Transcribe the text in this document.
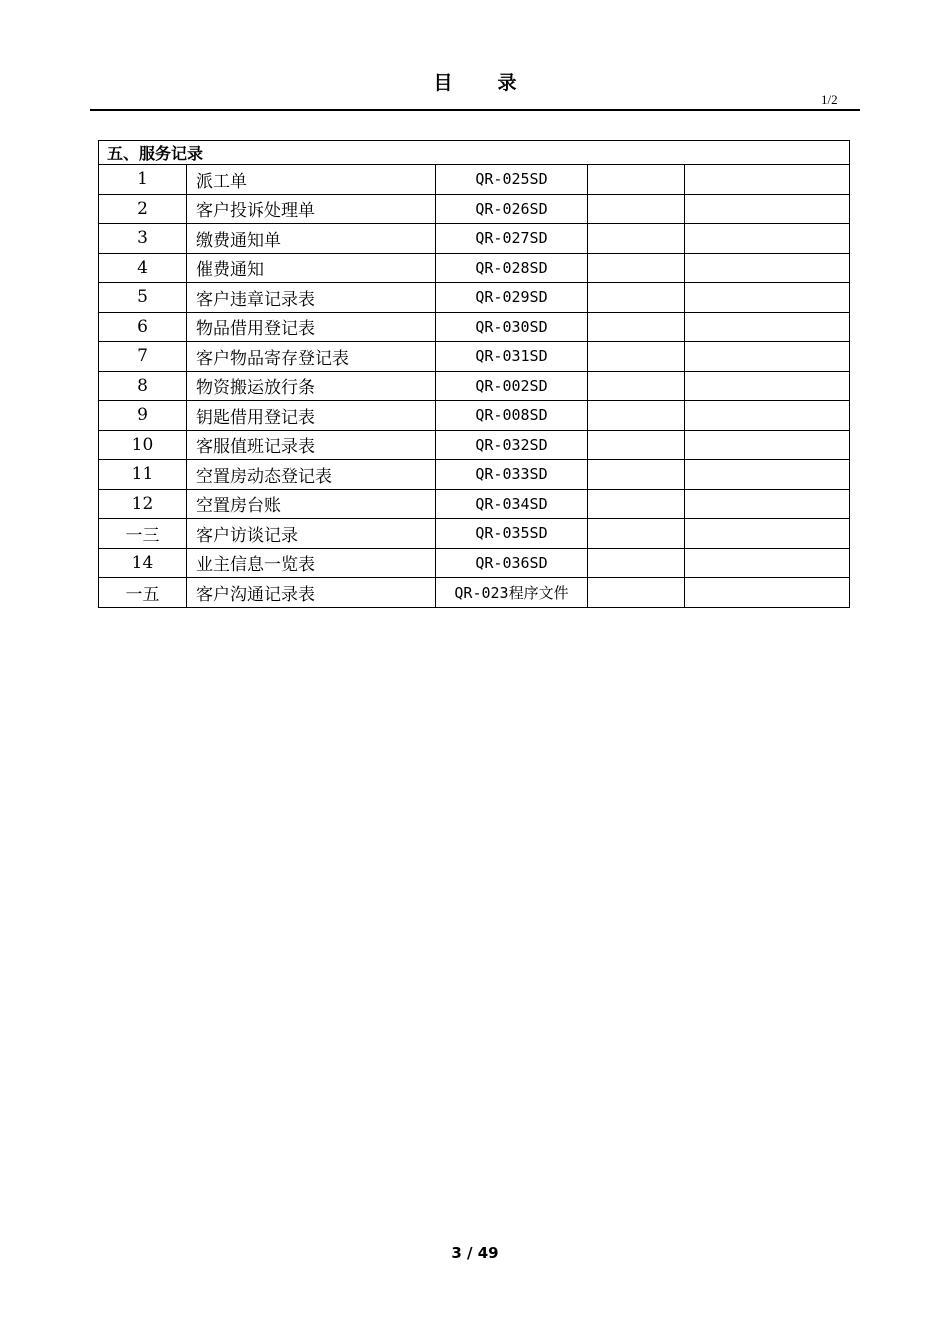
目录
1/2
五、服务记录				
1	派工单	QR-025SD		
2	客户投诉处理单	QR-026SD		
3	缴费通知单	QR-027SD		
4	催费通知	QR-028SD		
5	客户违章记录表	QR-029SD		
6	物品借用登记表	QR-030SD		
7	客户物品寄存登记表	QR-031SD		
8	物资搬运放行条	QR-002SD		
9	钥匙借用登记表	QR-008SD		
10	客服值班记录表	QR-032SD		
11	空置房动态登记表	QR-033SD		
12	空置房台账	QR-034SD		
一三	客户访谈记录	QR-035SD		
14	业主信息一览表	QR-036SD		
一五	客户沟通记录表	QR-023程序文件		
3 / 49
